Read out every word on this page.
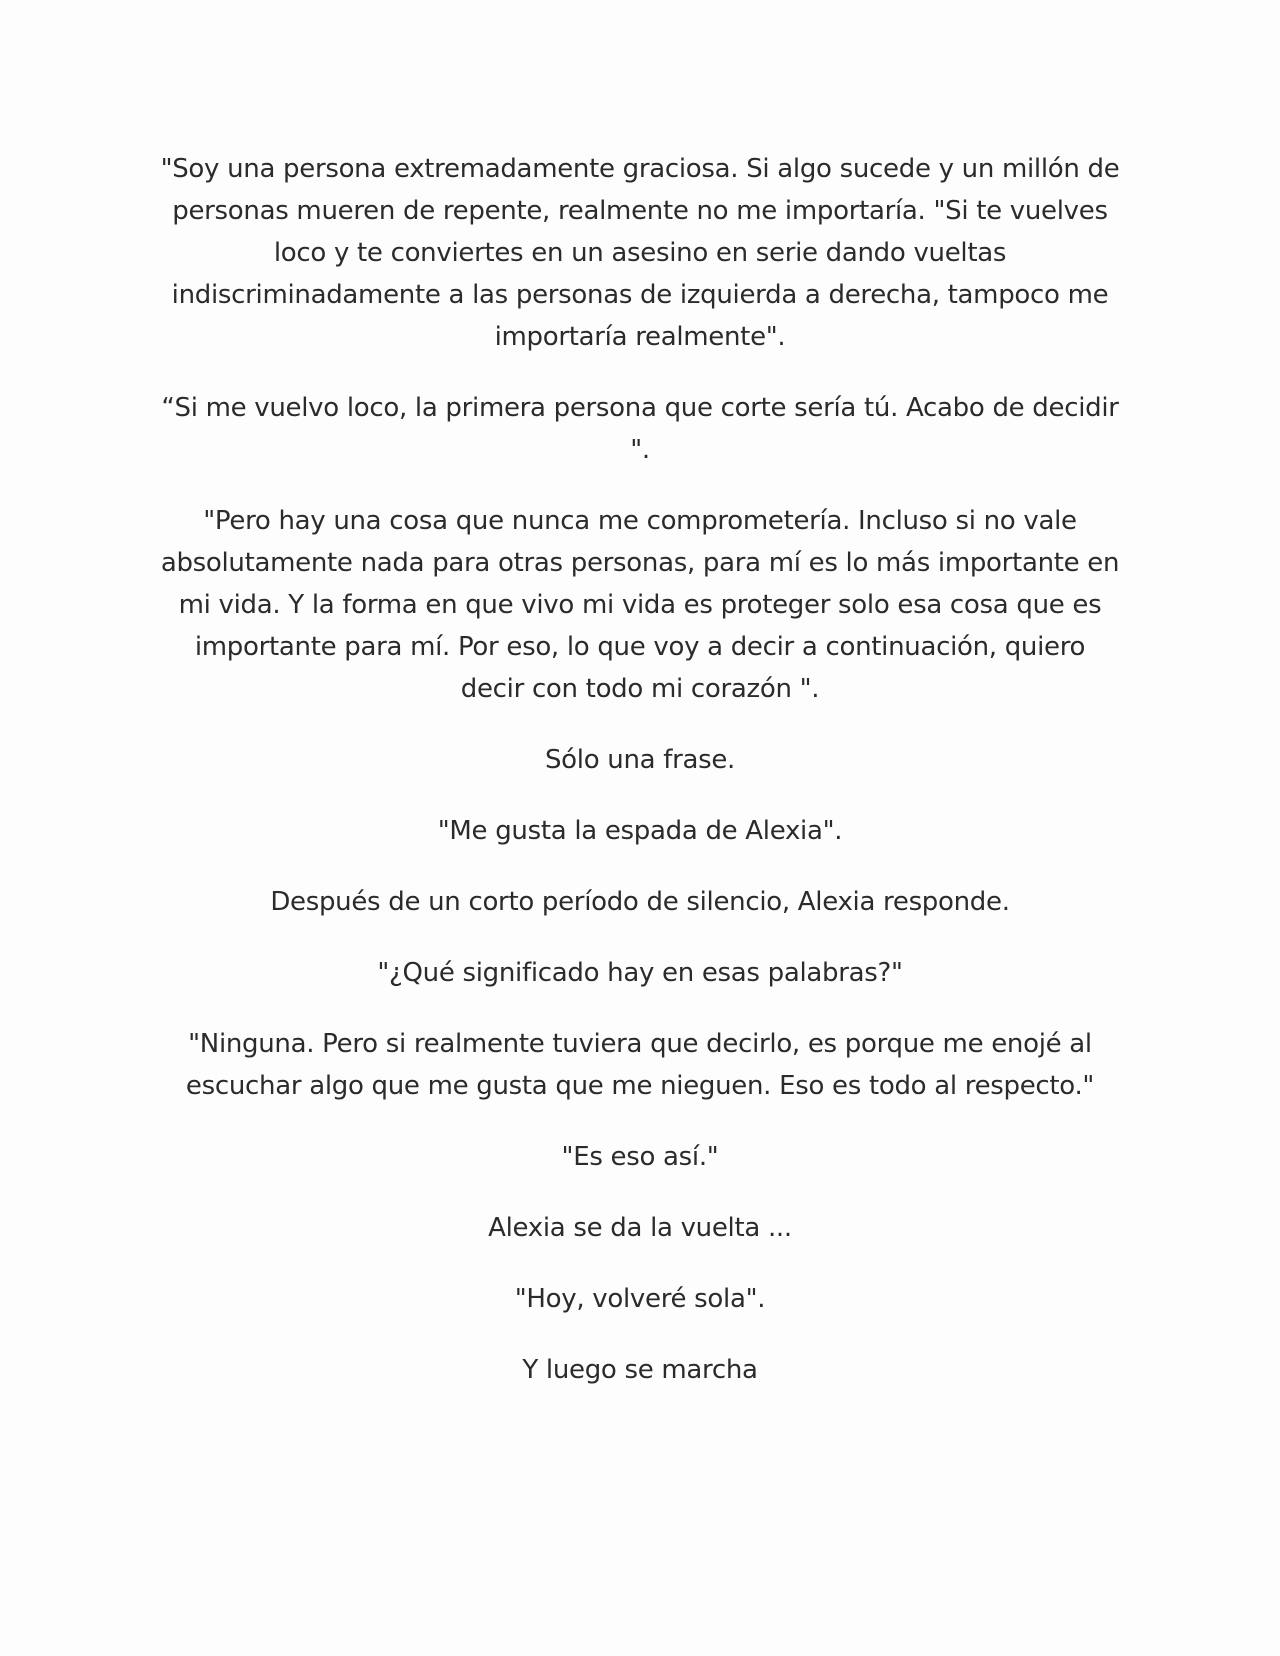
"Soy una persona extremadamente graciosa. Si algo sucede y un millón de personas mueren de repente, realmente no me importaría. "Si te vuelves loco y te conviertes en un asesino en serie dando vueltas indiscriminadamente a las personas de izquierda a derecha, tampoco me importaría realmente".

“Si me vuelvo loco, la primera persona que corte sería tú. Acabo de decidir ".

"Pero hay una cosa que nunca me comprometería. Incluso si no vale absolutamente nada para otras personas, para mí es lo más importante en mi vida. Y la forma en que vivo mi vida es proteger solo esa cosa que es importante para mí. Por eso, lo que voy a decir a continuación, quiero decir con todo mi corazón ".

Sólo una frase.

"Me gusta la espada de Alexia".

Después de un corto período de silencio, Alexia responde.

"¿Qué significado hay en esas palabras?"

"Ninguna. Pero si realmente tuviera que decirlo, es porque me enojé al escuchar algo que me gusta que me nieguen. Eso es todo al respecto."

"Es eso así."

Alexia se da la vuelta ...

"Hoy, volveré sola".

Y luego se marcha
